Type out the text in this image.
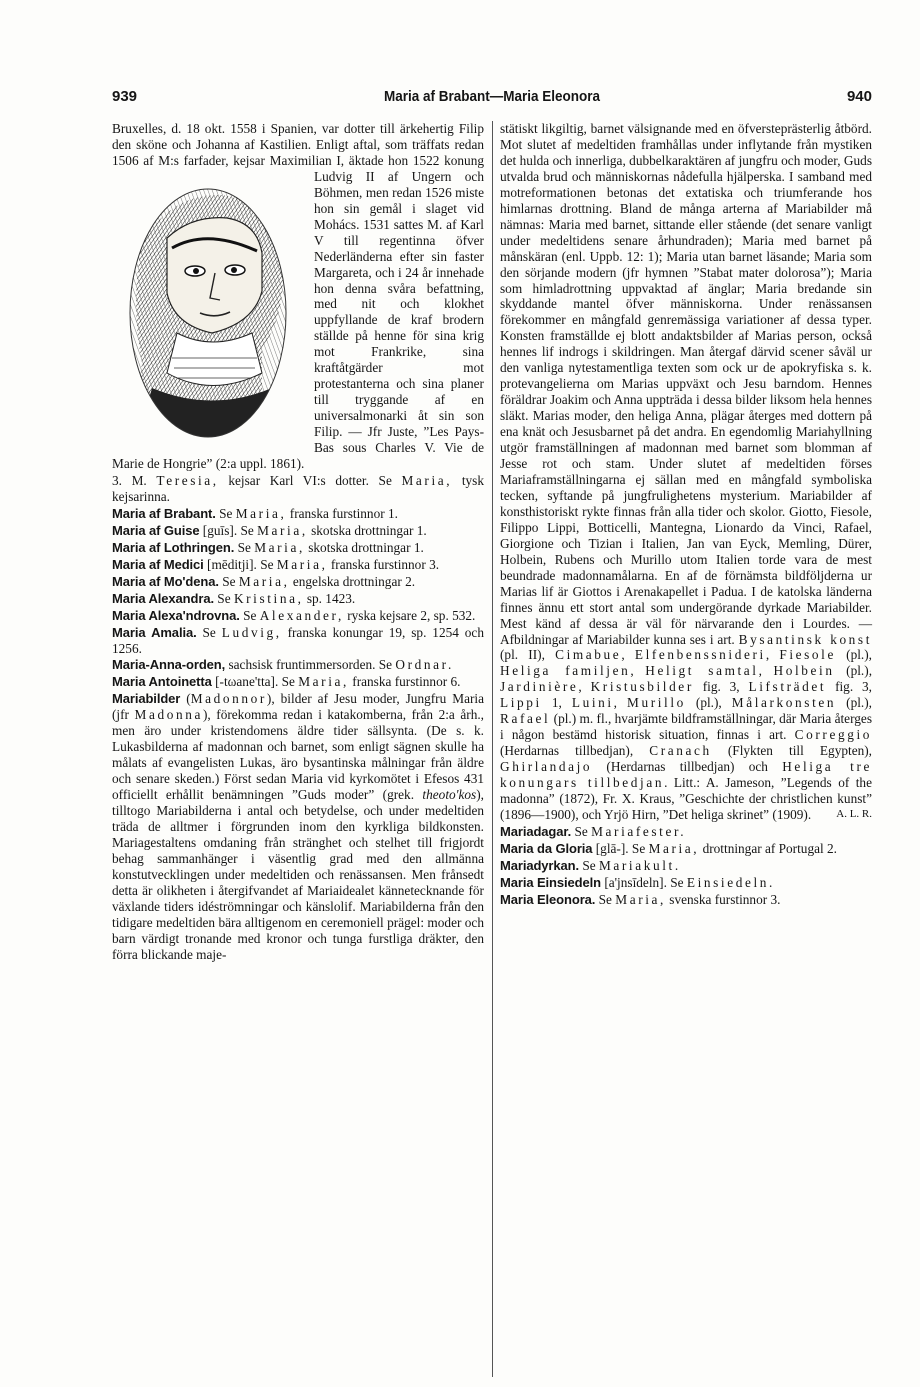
939	Maria af Brabant—Maria Eleonora	940

Bruxelles, d. 18 okt. 1558 i Spanien, var dotter till ärkehertig Filip den sköne och Johanna af Kastilien. Enligt aftal, som träffats redan 1506 af M:s farfader, kejsar Maximilian I, äktade hon 1522 konung Ludvig II af Ungern och Böhmen, men redan 1526 miste hon sin gemål i slaget vid Mohács. 1531 sattes M. af Karl V till regentinna öfver Nederländerna efter sin faster Margareta, och i 24 år innehade hon denna svåra befattning, med nit och klokhet uppfyllande de kraf brodern ställde på henne för sina krig mot Frankrike, sina kraftåtgärder mot protestanterna och sina planer till tryggande af en universalmonarki åt sin son Filip. — Jfr Juste, ”Les Pays-Bas sous Charles V. Vie de Marie de Hongrie” (2:a uppl. 1861).

3. M. Teresia, kejsar Karl VI:s dotter. Se Maria, tysk kejsarinna.

Maria af Brabant. Se Maria, franska furstinnor 1.

Maria af Guise [guīs]. Se Maria, skotska drottningar 1.

Maria af Lothringen. Se Maria, skotska drottningar 1.

Maria af Medici [mēditji]. Se Maria, franska furstinnor 3.

Maria af Mo'dena. Se Maria, engelska drottningar 2.

Maria Alexandra. Se Kristina, sp. 1423.

Maria Alexa'ndrovna. Se Alexander, ryska kejsare 2, sp. 532.

Maria Amalia. Se Ludvig, franska konungar 19, sp. 1254 och 1256.

Maria-Anna-orden, sachsisk fruntimmersorden. Se Ordnar.

Maria Antoinetta [-tωane'tta]. Se Maria, franska furstinnor 6.

Mariabilder (Madonnor), bilder af Jesu moder, Jungfru Maria (jfr Madonna), förekomma redan i katakomberna, från 2:a årh., men äro under kristendomens äldre tider sällsynta. (De s. k. Lukasbilderna af madonnan och barnet, som enligt sägnen skulle ha målats af evangelisten Lukas, äro bysantinska målningar från äldre och senare skeden.) Först sedan Maria vid kyrkomötet i Efesos 431 officiellt erhållit benämningen ”Guds moder” (grek. theoto'kos), tilltogo Mariabilderna i antal och betydelse, och under medeltiden träda de alltmer i förgrunden inom den kyrkliga bildkonsten. Mariagestaltens omdaning från stränghet och stelhet till frigjordt behag sammanhänger i väsentlig grad med den allmänna konstutvecklingen under medeltiden och renässansen. Men frånsedt detta är olikheten i återgifvandet af Mariaidealet kännetecknande för växlande tiders idéströmningar och känslolif. Mariabilderna från den tidigare medeltiden bära alltigenom en ceremoniell prägel: moder och barn värdigt tronande med kronor och tunga furstliga dräkter, den förra blickande maje-

stätiskt likgiltig, barnet välsignande med en öfversteprästerlig åtbörd. Mot slutet af medeltiden framhållas under inflytande från mystiken det hulda och innerliga, dubbelkaraktären af jungfru och moder, Guds utvalda brud och människornas nådefulla hjälperska. I samband med motreformationen betonas det extatiska och triumferande hos himlarnas drottning. Bland de många arterna af Mariabilder må nämnas: Maria med barnet, sittande eller stående (det senare vanligt under medeltidens senare århundraden); Maria med barnet på månskäran (enl. Uppb. 12: 1); Maria utan barnet läsande; Maria som den sörjande modern (jfr hymnen ”Stabat mater dolorosa”); Maria som himladrottning uppvaktad af änglar; Maria bredande sin skyddande mantel öfver människorna. Under renässansen förekommer en mångfald genremässiga variationer af dessa typer. Konsten framställde ej blott andaktsbilder af Marias person, också hennes lif indrogs i skildringen. Man återgaf därvid scener såväl ur den vanliga nytestamentliga texten som ock ur de apokryfiska s. k. protevangelierna om Marias uppväxt och Jesu barndom. Hennes föräldrar Joakim och Anna uppträda i dessa bilder liksom hela hennes släkt. Marias moder, den heliga Anna, plägar återges med dottern på ena knät och Jesusbarnet på det andra. En egendomlig Mariahyllning utgör framställningen af madonnan med barnet som blomman af Jesse rot och stam. Under slutet af medeltiden förses Mariaframställningarna ej sällan med en mångfald symboliska tecken, syftande på jungfrulighetens mysterium. Mariabilder af konsthistoriskt rykte finnas från alla tider och skolor. Giotto, Fiesole, Filippo Lippi, Botticelli, Mantegna, Lionardo da Vinci, Rafael, Giorgione och Tizian i Italien, Jan van Eyck, Memling, Dürer, Holbein, Rubens och Murillo utom Italien torde vara de mest beundrade madonnamålarna. En af de förnämsta bildföljderna ur Marias lif är Giottos i Arenakapellet i Padua. I de katolska länderna finnes ännu ett stort antal som undergörande dyrkade Mariabilder. Mest känd af dessa är väl för närvarande den i Lourdes. — Afbildningar af Mariabilder kunna ses i art. Bysantinsk konst (pl. II), Cimabue, Elfenbenssnideri, Fiesole (pl.), Heliga familjen, Heligt samtal, Holbein (pl.), Jardinière, Kristusbilder fig. 3, Lifsträdet fig. 3, Lippi 1, Luini, Murillo (pl.), Målarkonsten (pl.), Rafael (pl.) m. fl., hvarjämte bildframställningar, där Maria återges i någon bestämd historisk situation, finnas i art. Correggio (Herdarnas tillbedjan), Cranach (Flykten till Egypten), Ghirlandajo (Herdarnas tillbedjan) och Heliga tre konungars tillbedjan. Litt.: A. Jameson, ”Legends of the madonna” (1872), Fr. X. Kraus, ”Geschichte der christlichen kunst” (1896—1900), och Yrjö Hirn, ”Det heliga skrinet” (1909). A. L. R.

Mariadagar. Se Mariafester.

Maria da Gloria [glā-]. Se Maria, drottningar af Portugal 2.

Mariadyrkan. Se Mariakult.

Maria Einsiedeln [a'jnsīdeln]. Se Einsiedeln.

Maria Eleonora. Se Maria, svenska furstinnor 3.
